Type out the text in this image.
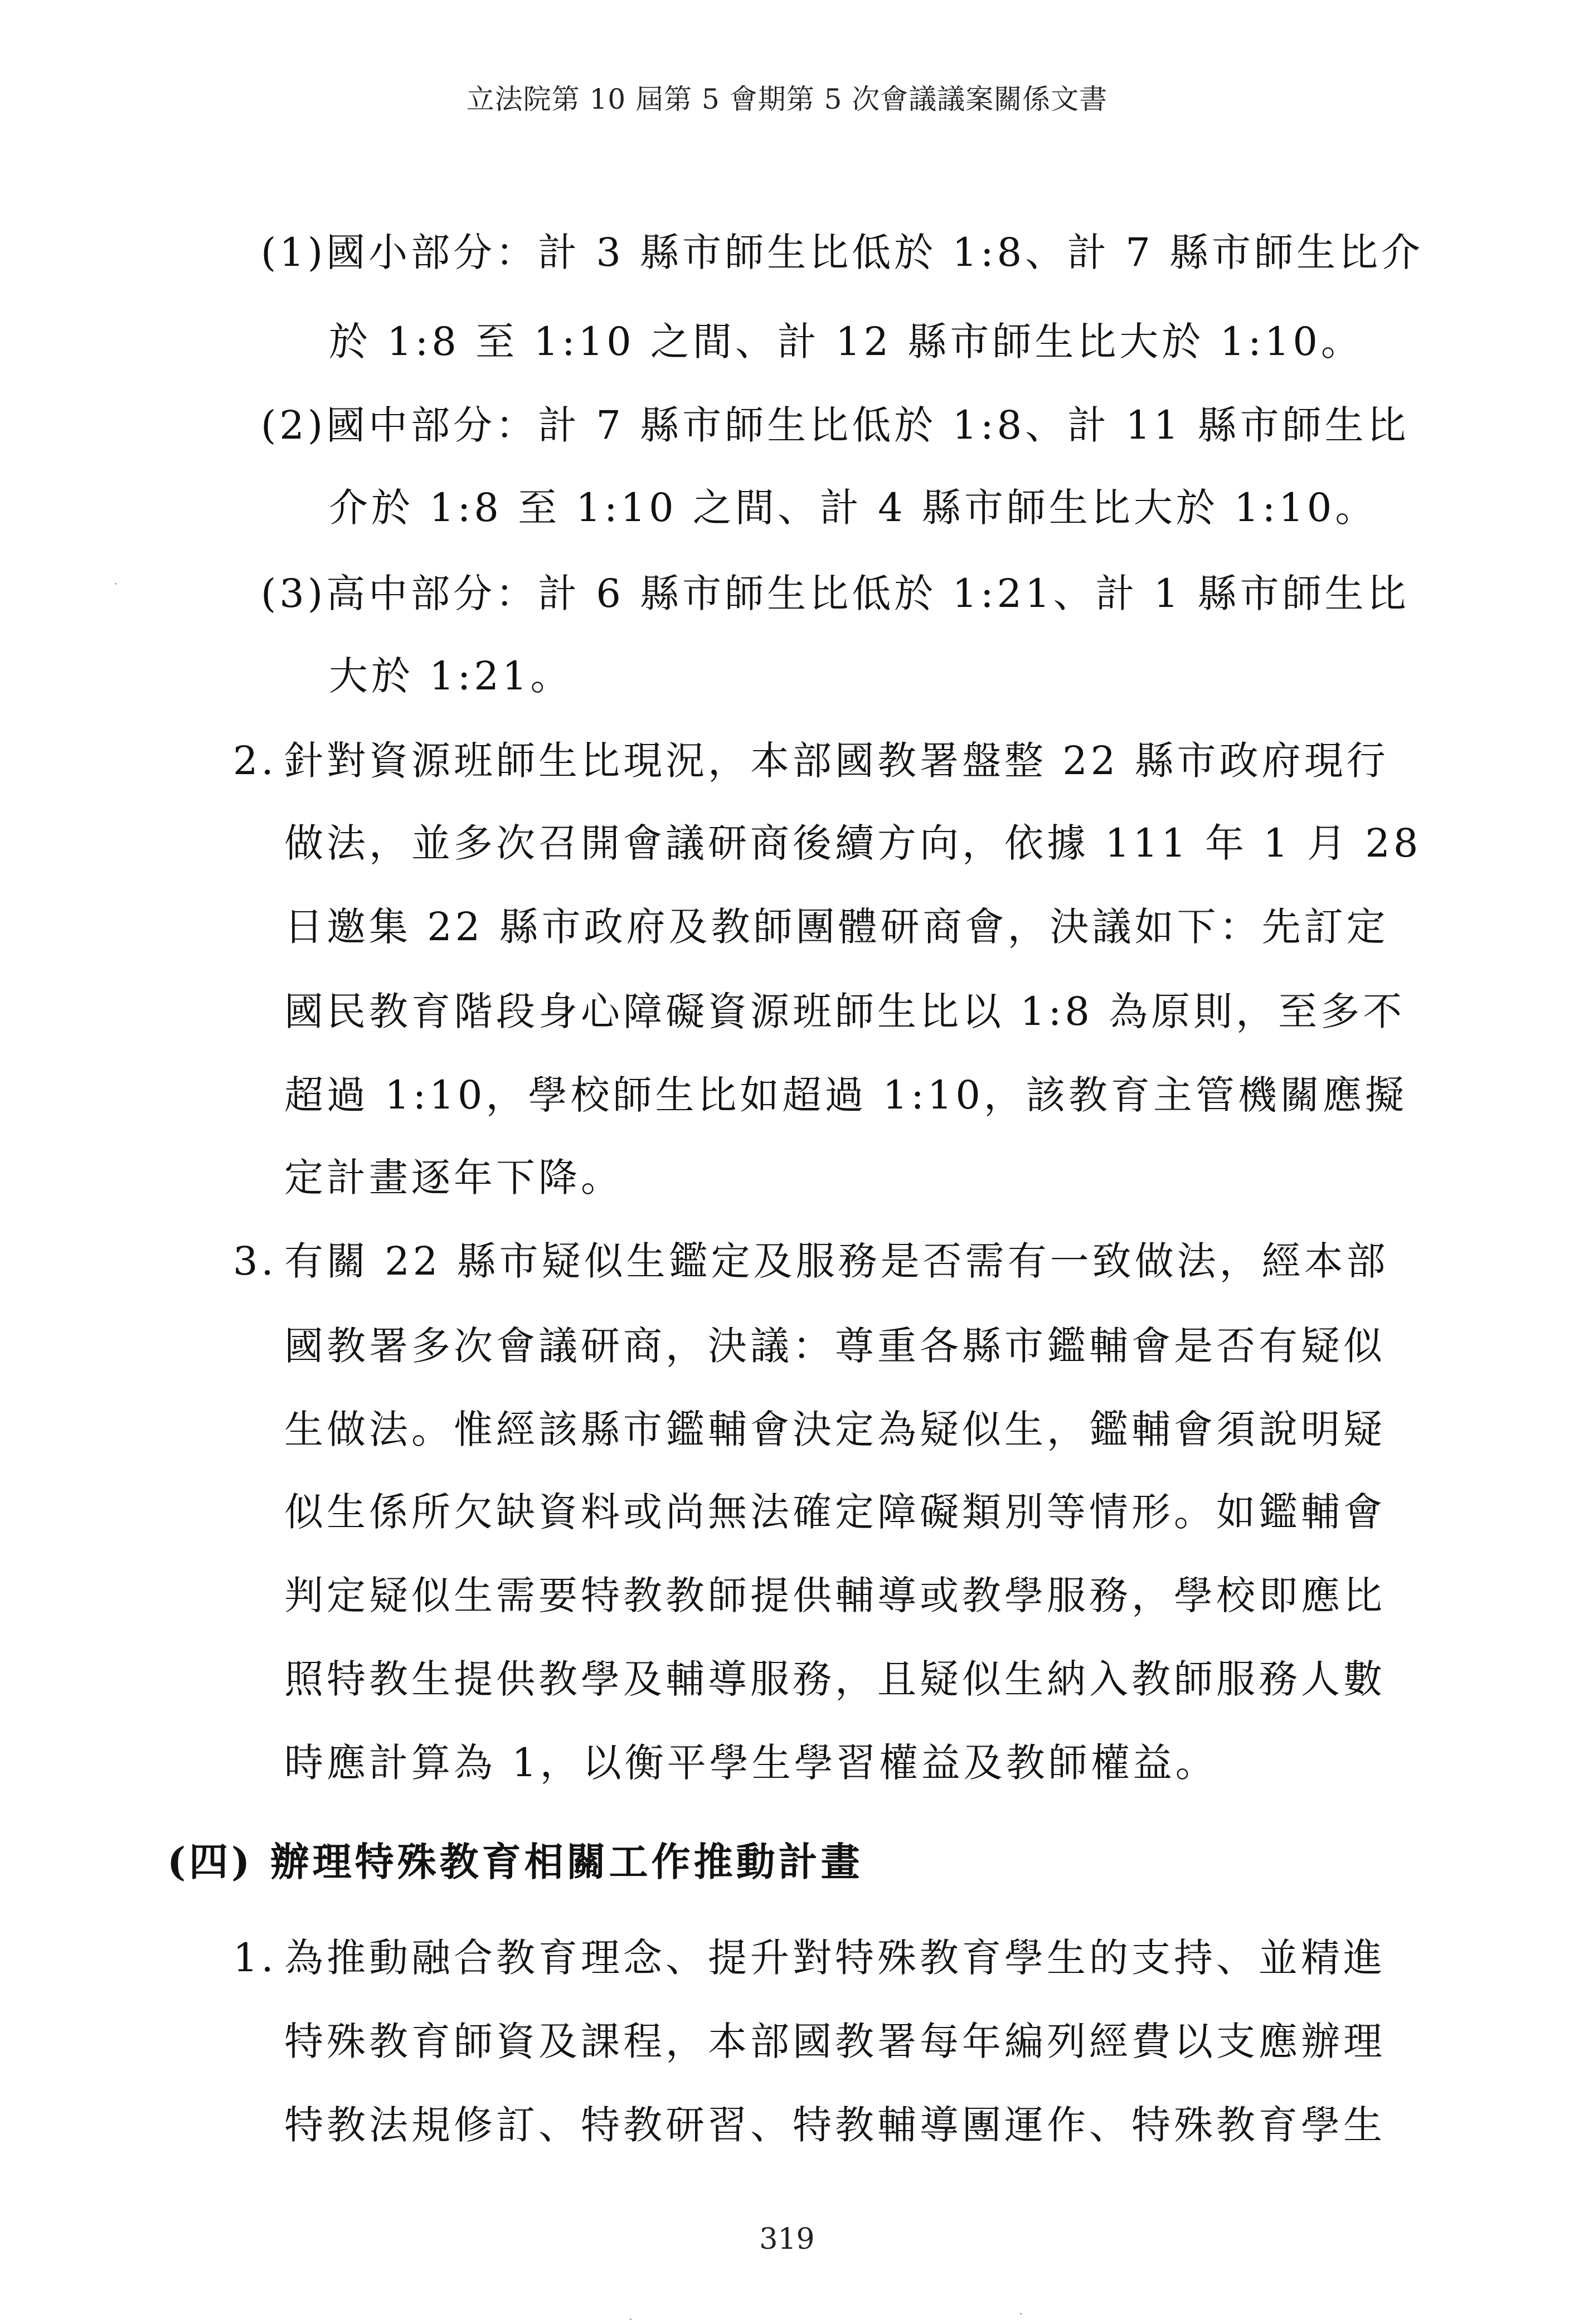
立法院第 10 屆第 5 會期第 5 次會議議案關係文書
(1)國小部分：計 3 縣市師生比低於 1:8、計 7 縣市師生比介
於 1:8 至 1:10 之間、計 12 縣市師生比大於 1:10。
(2)國中部分：計 7 縣市師生比低於 1:8、計 11 縣市師生比
介於 1:8 至 1:10 之間、計 4 縣市師生比大於 1:10。
(3)高中部分：計 6 縣市師生比低於 1:21、計 1 縣市師生比
大於 1:21。
2. 針對資源班師生比現況，本部國教署盤整 22 縣市政府現行
做法，並多次召開會議研商後續方向，依據 111 年 1 月 28
日邀集 22 縣市政府及教師團體研商會，決議如下：先訂定
國民教育階段身心障礙資源班師生比以 1:8 為原則，至多不
超過 1:10，學校師生比如超過 1:10，該教育主管機關應擬
定計畫逐年下降。
3. 有關 22 縣市疑似生鑑定及服務是否需有一致做法，經本部
國教署多次會議研商，決議：尊重各縣市鑑輔會是否有疑似
生做法。惟經該縣市鑑輔會決定為疑似生，鑑輔會須說明疑
似生係所欠缺資料或尚無法確定障礙類別等情形。如鑑輔會
判定疑似生需要特教教師提供輔導或教學服務，學校即應比
照特教生提供教學及輔導服務，且疑似生納入教師服務人數
時應計算為 1，以衡平學生學習權益及教師權益。
(四) 辦理特殊教育相關工作推動計畫
1. 為推動融合教育理念、提升對特殊教育學生的支持、並精進
特殊教育師資及課程，本部國教署每年編列經費以支應辦理
特教法規修訂、特教研習、特教輔導團運作、特殊教育學生
319
